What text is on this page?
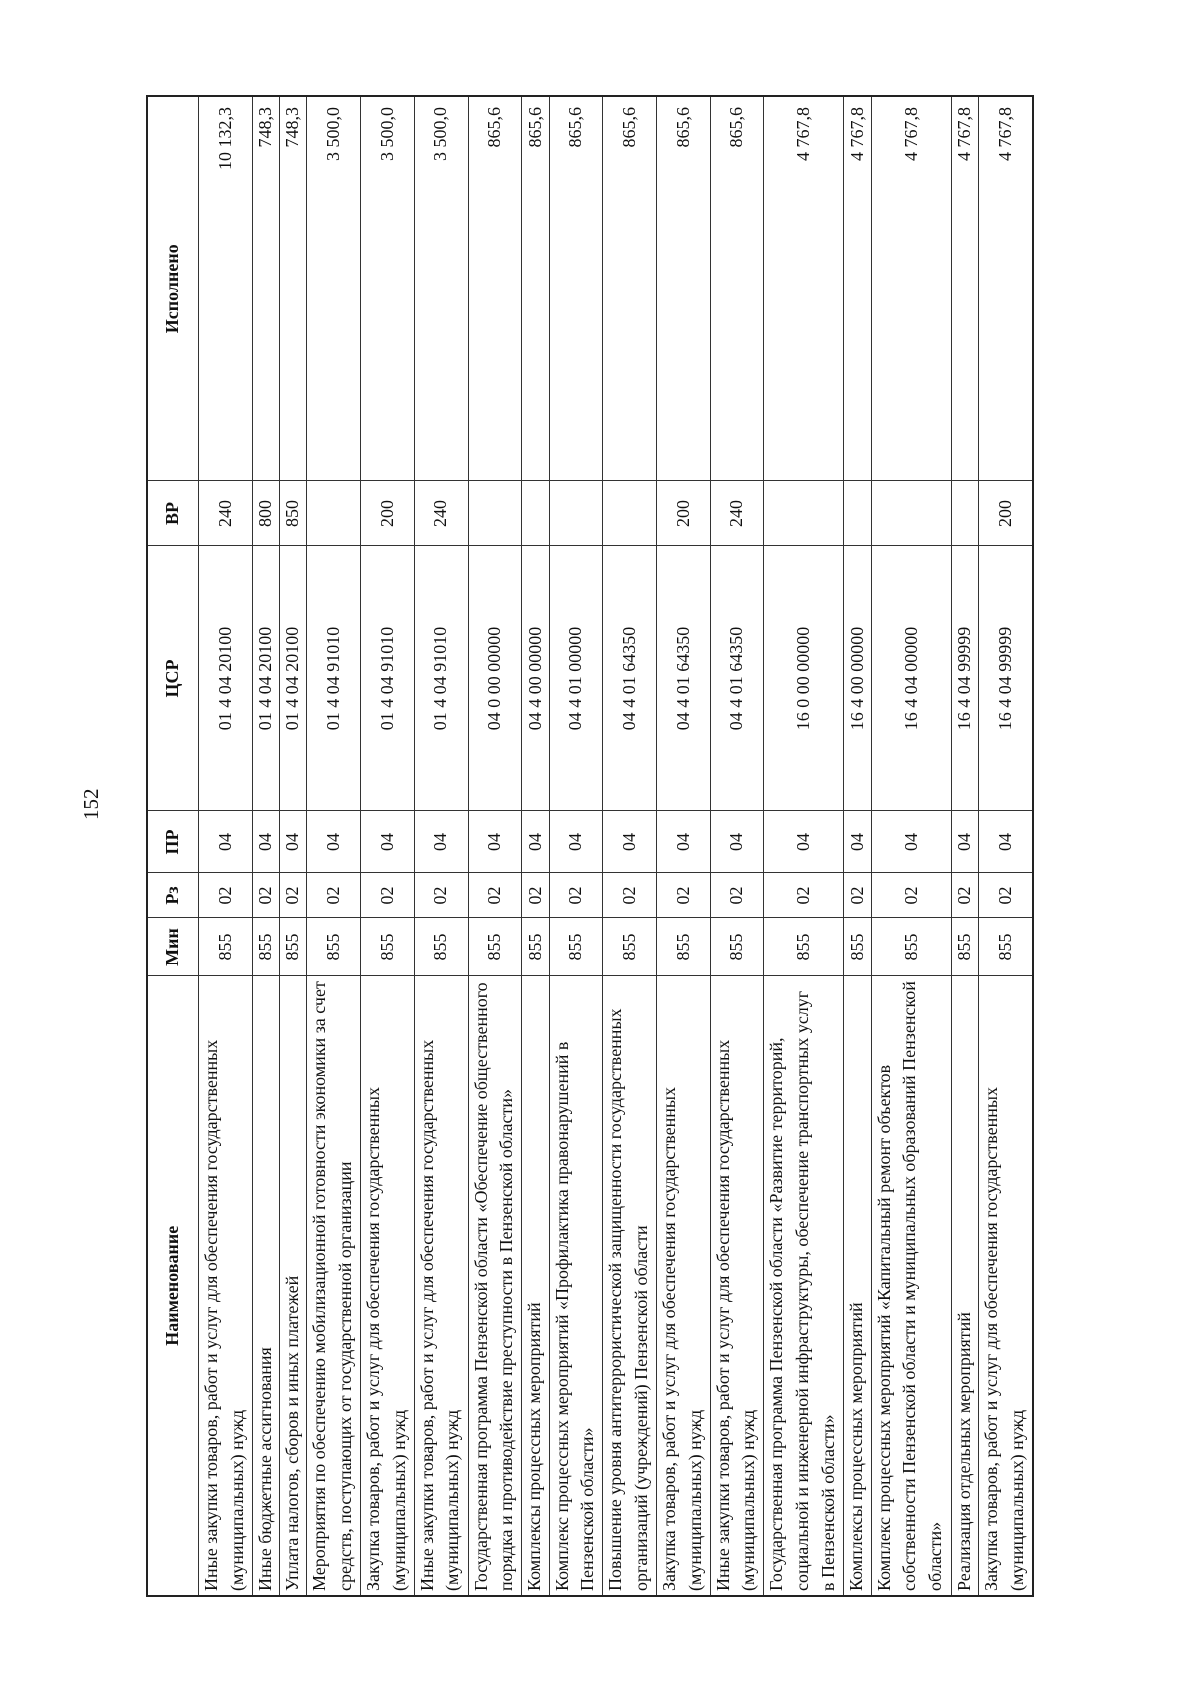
152
Наименование	Мин	Рз	ПР	ЦСР	ВР	Исполнено
Иные закупки товаров, работ и услуг для обеспечения государственных (муниципальных) нужд	855	02	04	01 4 04 20100	240	10 132,3
Иные бюджетные ассигнования	855	02	04	01 4 04 20100	800	748,3
Уплата налогов, сборов и иных платежей	855	02	04	01 4 04 20100	850	748,3
Мероприятия по обеспечению мобилизационной готовности экономики за счет средств, поступающих от государственной организации	855	02	04	01 4 04 91010		3 500,0
Закупка товаров, работ и услуг для обеспечения государственных (муниципальных) нужд	855	02	04	01 4 04 91010	200	3 500,0
Иные закупки товаров, работ и услуг для обеспечения государственных (муниципальных) нужд	855	02	04	01 4 04 91010	240	3 500,0
Государственная программа Пензенской области «Обеспечение общественного порядка и противодействие преступности в Пензенской области»	855	02	04	04 0 00 00000		865,6
Комплексы процессных мероприятий	855	02	04	04 4 00 00000		865,6
Комплекс процессных мероприятий «Профилактика правонарушений в Пензенской области»	855	02	04	04 4 01 00000		865,6
Повышение уровня антитеррористической защищенности государственных организаций (учреждений) Пензенской области	855	02	04	04 4 01 64350		865,6
Закупка товаров, работ и услуг для обеспечения государственных (муниципальных) нужд	855	02	04	04 4 01 64350	200	865,6
Иные закупки товаров, работ и услуг для обеспечения государственных (муниципальных) нужд	855	02	04	04 4 01 64350	240	865,6
Государственная программа Пензенской области «Развитие территорий, социальной и инженерной инфраструктуры, обеспечение транспортных услуг в Пензенской области»	855	02	04	16 0 00 00000		4 767,8
Комплексы процессных мероприятий	855	02	04	16 4 00 00000		4 767,8
Комплекс процессных мероприятий «Капитальный ремонт объектов собственности Пензенской области и муниципальных образований Пензенской области»	855	02	04	16 4 04 00000		4 767,8
Реализация отдельных мероприятий	855	02	04	16 4 04 99999		4 767,8
Закупка товаров, работ и услуг для обеспечения государственных (муниципальных) нужд	855	02	04	16 4 04 99999	200	4 767,8
